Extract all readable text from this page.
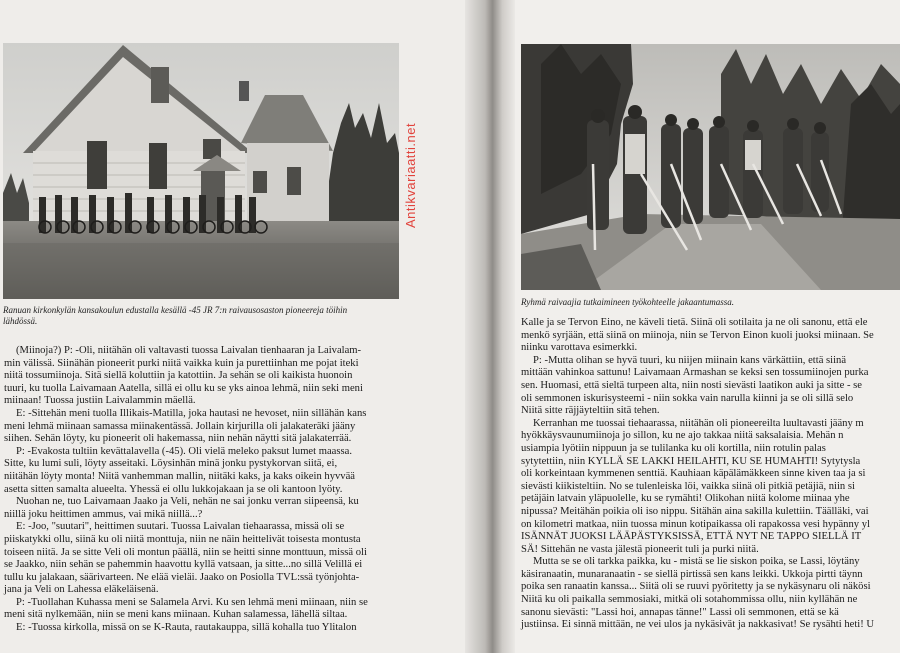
Ranuan kirkonkylän kansakoulun edustalla kesällä -45 JR 7:n raivausosaston pioneereja töihin
lähdössä.

(Miinoja?) P: -Oli, niitähän oli valtavasti tuossa Laivalan tienhaaran ja Laivalam-

min välissä. Siinähän pioneerit purki niitä vaikka kuin ja purettiinhan me pojat iteki

niitä tossumiinoja. Sitä siellä koluttiin ja katottiin. Ja sehän se oli kaikista huonoin

tuuri, ku tuolla Laivamaan Aatella, sillä ei ollu ku se yks ainoa lehmä, niin seki meni

miinaan! Tuossa justiin Laivalammin mäellä.

E: -Sittehän meni tuolla Illikais-Matilla, joka hautasi ne hevoset, niin sillähän kans

meni lehmä miinaan samassa miinakentässä. Jollain kirjurilla oli jalakateräki jääny

siihen. Sehän löyty, ku pioneerit oli hakemassa, niin nehän näytti sitä jalakaterrää.

P: -Evakosta tultiin kevättalavella (-45). Oli vielä meleko paksut lumet maassa.

Sitte, ku lumi suli, löyty asseitaki. Löysinhän minä jonku pystykorvan siitä, ei,

niitähän löyty monta! Niitä vanhemman mallin, niitäki kaks, ja kaks oikein hyvvää

asetta sitten samalta alueelta. Yhessä ei ollu lukkojakaan ja se oli kantoon lyöty.

Nuohan ne, tuo Laivamaan Jaako ja Veli, nehän ne sai jonku verran siipeensä, ku

niillä joku heittimen ammus, vai mikä niillä...?

E: -Joo, "suutari", heittimen suutari. Tuossa Laivalan tiehaarassa, missä oli se

piiskatykki ollu, siinä ku oli niitä monttuja, niin ne näin heittelivät toisesta montusta

toiseen niitä. Ja se sitte Veli oli montun päällä, niin se heitti sinne monttuun, missä oli

se Jaakko, niin sehän se pahemmin haavottu kyllä vatsaan, ja sitte...no sillä Velillä ei

tullu ku jalakaan, säärivarteen. Ne elää vieläi. Jaako on Posiolla TVL:ssä työnjohta-

jana ja Veli on Lahessa eläkeläisenä.

P: -Tuollahan Kuhassa meni se Salamela Arvi. Ku sen lehmä meni miinaan, niin se

meni sitä nylkemään, niin se meni kans miinaan. Kuhan salamessa, lähellä siltaa.

E: -Tuossa kirkolla, missä on se K-Rauta, rautakauppa, sillä kohalla tuo Ylitalon

Ryhmä raivaajia tutkaimineen työkohteelle jakaantumassa.

Kalle ja se Tervon Eino, ne käveli tietä. Siinä oli sotilaita ja ne oli sanonu, että ele

menkö syrjään, että siinä on miinoja, niin se Tervon Einon kuoli juoksi miinaan. Se

niinku varottava esimerkki.

P: -Mutta olihan se hyvä tuuri, ku niijen miinain kans värkättiin, että siinä

mittään vahinkoa sattunu! Laivamaan Armashan se keksi sen tossumiinojen purka

sen. Huomasi, että sieltä turpeen alta, niin nosti sievästi laatikon auki ja sitte - se

oli semmonen iskurisysteemi - niin sokka vain narulla kiinni ja se oli sillä selo

Niitä sitte räjjäyteltiin sitä tehen.

Kerranhan me tuossai tiehaarassa, niitähän oli pioneereilta luultavasti jääny m

hyökkäysvaunumiinoja jo sillon, ku ne ajo takkaa niitä saksalaisia. Mehän n

usiampia lyötiin nippuun ja se tulilanka ku oli kortilla, niin rotulin palas

sytytettiin, niin KYLLÄ SE LAKKI HEILAHTI, KU SE HUMAHTI! Sytytysla

oli korkeintaan kymmenen senttiä. Kauhiaan käpälämäkkeen sinne kiven taa ja si

sievästi kiikisteltiin. No se tulenleiska löi, vaikka siinä oli pitkiä petäjiä, niin si

petäjäin latvain yläpuolelle, ku se rymähti! Olikohan niitä kolome miinaa yhe

nipussa? Meitähän poikia oli iso nippu. Sitähän aina sakilla kulettiin. Täälläki, vai

on kilometri matkaa, niin tuossa minun kotipaikassa oli rapakossa vesi hypänny yl

ISÄNNÄT JUOKSI LÄÄPÄSTYKSISSÄ, ETTÄ NYT NE TAPPO SIELLÄ IT

SÄ! Sittehän ne vasta jälestä pioneerit tuli ja purki niitä.

Mutta se se oli tarkka paikka, ku - mistä se lie siskon poika, se Lassi, löytäny

käsiranaatin, munaranaatin - se siellä pirtissä sen kans leikki. Ukkoja pirtti täynn

poika sen ranaatin kanssa... Siitä oli se ruuvi pyöritetty ja se nykäsynaru oli näkösi

Niitä ku oli paikalla semmosiaki, mitkä oli sotahommissa ollu, niin kyllähän ne

sanonu sievästi: "Lassi hoi, annapas tänne!" Lassi oli semmonen, että se kä

justiinsa. Ei sinnä mittään, ne vei ulos ja nykäsivät ja nakkasivat! Se rysähti heti! U

Antikvariaatti.net
